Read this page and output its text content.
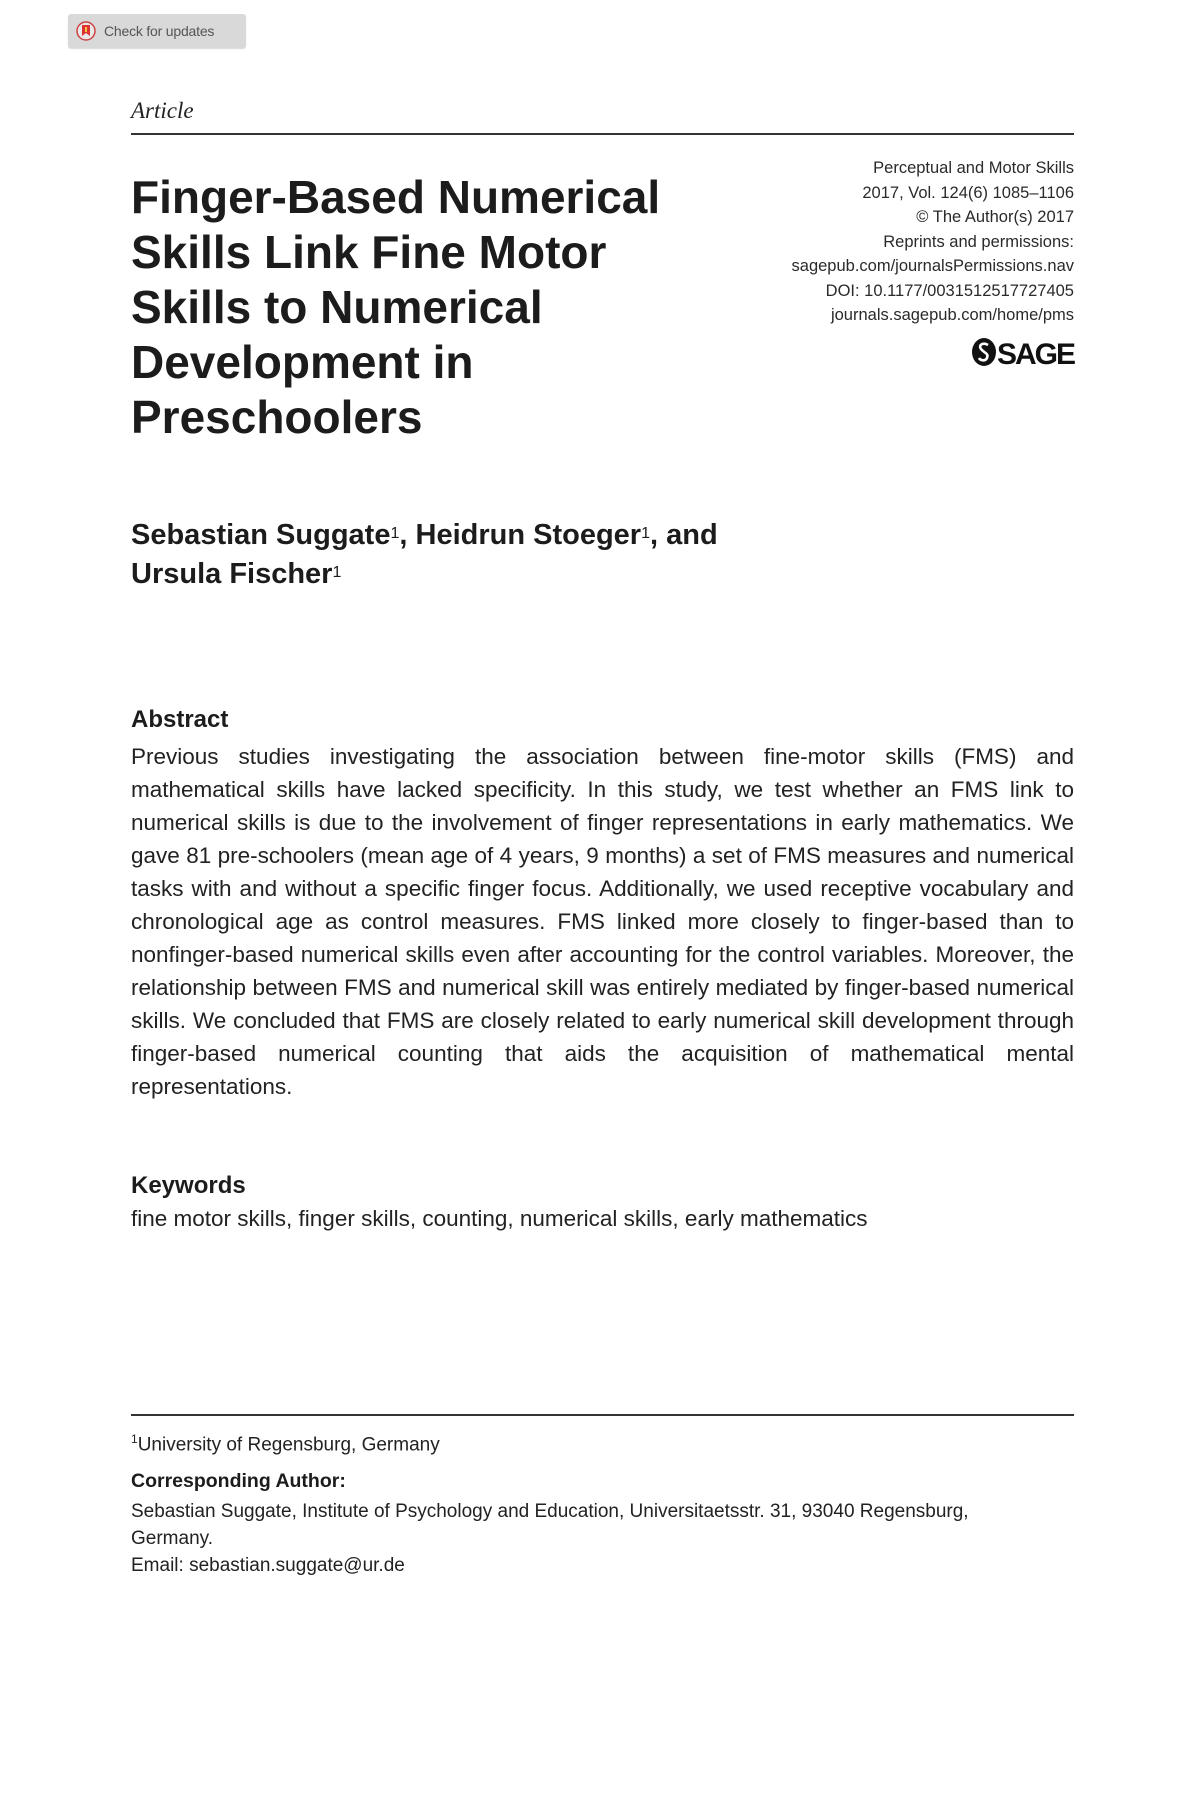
Check for updates
Article
Finger-Based Numerical Skills Link Fine Motor Skills to Numerical Development in Preschoolers
Perceptual and Motor Skills
2017, Vol. 124(6) 1085–1106
© The Author(s) 2017
Reprints and permissions:
sagepub.com/journalsPermissions.nav
DOI: 10.1177/0031512517727405
journals.sagepub.com/home/pms
SAGE
Sebastian Suggate$^1$, Heidrun Stoeger$^1$, and
Ursula Fischer$^1$
Abstract
Previous studies investigating the association between fine-motor skills (FMS) and mathematical skills have lacked specificity. In this study, we test whether an FMS link to numerical skills is due to the involvement of finger representations in early mathematics. We gave 81 pre-schoolers (mean age of 4 years, 9 months) a set of FMS measures and numerical tasks with and without a specific finger focus. Additionally, we used receptive vocabulary and chronological age as control measures. FMS linked more closely to finger-based than to nonfinger-based numerical skills even after accounting for the control variables. Moreover, the relationship between FMS and numerical skill was entirely mediated by finger-based numerical skills. We concluded that FMS are closely related to early numerical skill development through finger-based numerical counting that aids the acquisition of mathematical mental representations.
Keywords
fine motor skills, finger skills, counting, numerical skills, early mathematics
$^1$University of Regensburg, Germany
Corresponding Author:
Sebastian Suggate, Institute of Psychology and Education, Universitaetsstr. 31, 93040 Regensburg,
Germany.
Email: sebastian.suggate@ur.de
